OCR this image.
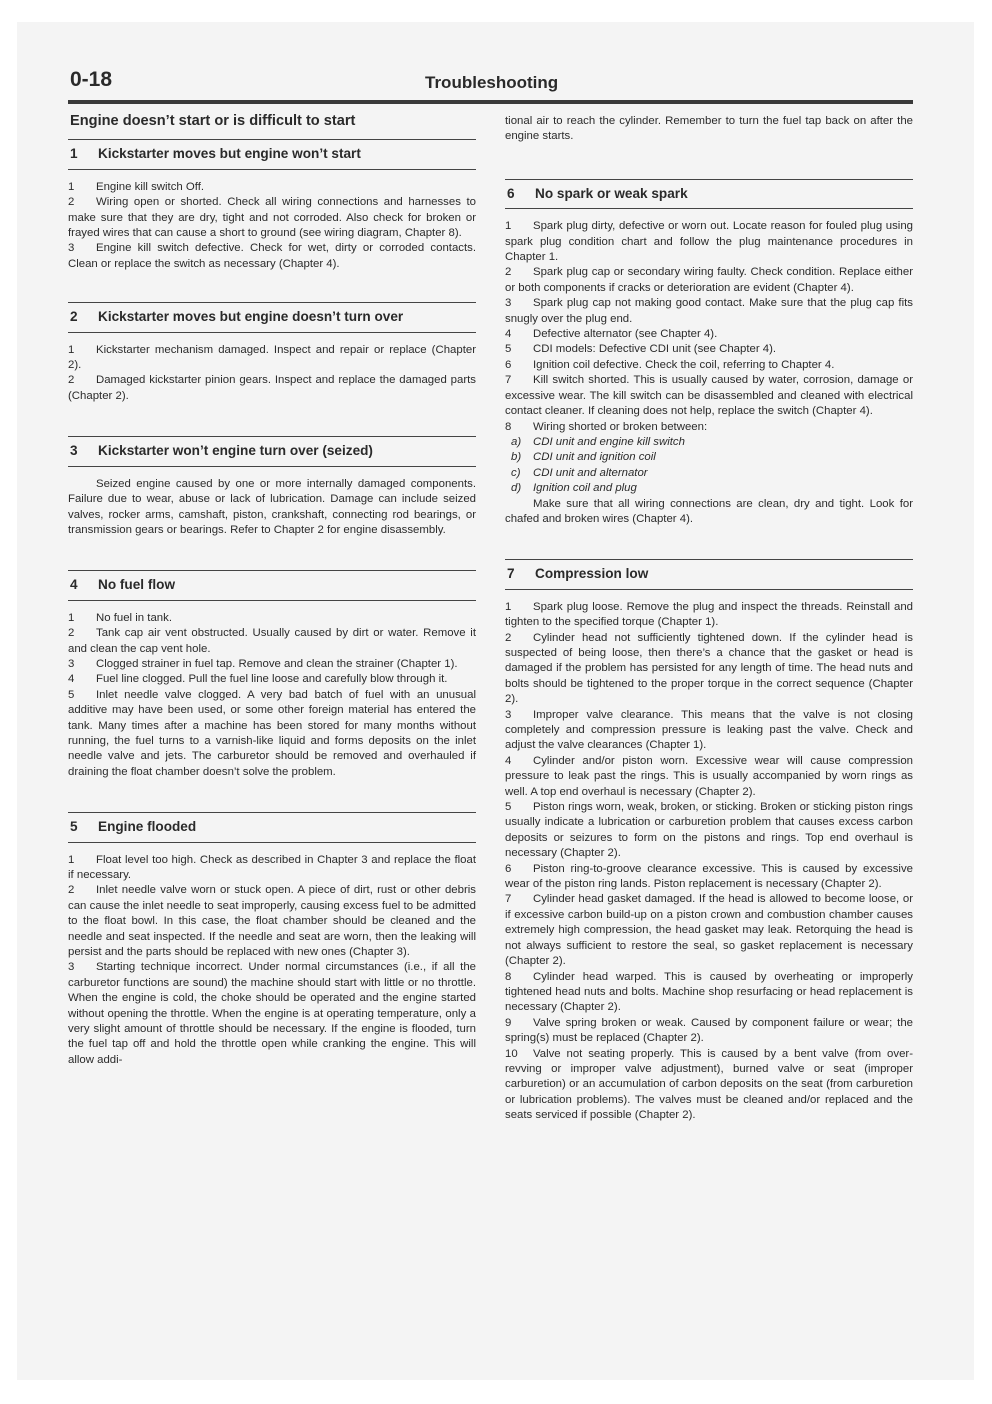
0-18	Troubleshooting
Engine doesn’t start or is difficult to start
1 Kickstarter moves but engine won’t start

1 Engine kill switch Off.

2 Wiring open or shorted. Check all wiring connections and harnesses to make sure that they are dry, tight and not corroded. Also check for broken or frayed wires that can cause a short to ground (see wiring diagram, Chapter 8).

3 Engine kill switch defective. Check for wet, dirty or corroded contacts. Clean or replace the switch as necessary (Chapter 4).

2 Kickstarter moves but engine doesn’t turn over

1 Kickstarter mechanism damaged. Inspect and repair or replace (Chapter 2).

2 Damaged kickstarter pinion gears. Inspect and replace the damaged parts (Chapter 2).

3 Kickstarter won’t engine turn over (seized)

Seized engine caused by one or more internally damaged components. Failure due to wear, abuse or lack of lubrication. Damage can include seized valves, rocker arms, camshaft, piston, crankshaft, connecting rod bearings, or transmission gears or bearings. Refer to Chapter 2 for engine disassembly.

4 No fuel flow

1 No fuel in tank.

2 Tank cap air vent obstructed. Usually caused by dirt or water. Remove it and clean the cap vent hole.

3 Clogged strainer in fuel tap. Remove and clean the strainer (Chapter 1).

4 Fuel line clogged. Pull the fuel line loose and carefully blow through it.

5 Inlet needle valve clogged. A very bad batch of fuel with an unusual additive may have been used, or some other foreign material has entered the tank. Many times after a machine has been stored for many months without running, the fuel turns to a varnish-like liquid and forms deposits on the inlet needle valve and jets. The carburetor should be removed and overhauled if draining the float chamber doesn’t solve the problem.

5 Engine flooded

1 Float level too high. Check as described in Chapter 3 and replace the float if necessary.

2 Inlet needle valve worn or stuck open. A piece of dirt, rust or other debris can cause the inlet needle to seat improperly, causing excess fuel to be admitted to the float bowl. In this case, the float chamber should be cleaned and the needle and seat inspected. If the needle and seat are worn, then the leaking will persist and the parts should be replaced with new ones (Chapter 3).

3 Starting technique incorrect. Under normal circumstances (i.e., if all the carburetor functions are sound) the machine should start with little or no throttle. When the engine is cold, the choke should be operated and the engine started without opening the throttle. When the engine is at operating temperature, only a very slight amount of throttle should be necessary. If the engine is flooded, turn the fuel tap off and hold the throttle open while cranking the engine. This will allow addi-

tional air to reach the cylinder. Remember to turn the fuel tap back on after the engine starts.

6 No spark or weak spark

1 Spark plug dirty, defective or worn out. Locate reason for fouled plug using spark plug condition chart and follow the plug maintenance procedures in Chapter 1.

2 Spark plug cap or secondary wiring faulty. Check condition. Replace either or both components if cracks or deterioration are evident (Chapter 4).

3 Spark plug cap not making good contact. Make sure that the plug cap fits snugly over the plug end.

4 Defective alternator (see Chapter 4).

5 CDI models: Defective CDI unit (see Chapter 4).

6 Ignition coil defective. Check the coil, referring to Chapter 4.

7 Kill switch shorted. This is usually caused by water, corrosion, damage or excessive wear. The kill switch can be disassembled and cleaned with electrical contact cleaner. If cleaning does not help, replace the switch (Chapter 4).

8 Wiring shorted or broken between:

a) CDI unit and engine kill switch

b) CDI unit and ignition coil

c) CDI unit and alternator

d) Ignition coil and plug

Make sure that all wiring connections are clean, dry and tight. Look for chafed and broken wires (Chapter 4).

7 Compression low

1 Spark plug loose. Remove the plug and inspect the threads. Reinstall and tighten to the specified torque (Chapter 1).

2 Cylinder head not sufficiently tightened down. If the cylinder head is suspected of being loose, then there’s a chance that the gasket or head is damaged if the problem has persisted for any length of time. The head nuts and bolts should be tightened to the proper torque in the correct sequence (Chapter 2).

3 Improper valve clearance. This means that the valve is not closing completely and compression pressure is leaking past the valve. Check and adjust the valve clearances (Chapter 1).

4 Cylinder and/or piston worn. Excessive wear will cause compression pressure to leak past the rings. This is usually accompanied by worn rings as well. A top end overhaul is necessary (Chapter 2).

5 Piston rings worn, weak, broken, or sticking. Broken or sticking piston rings usually indicate a lubrication or carburetion problem that causes excess carbon deposits or seizures to form on the pistons and rings. Top end overhaul is necessary (Chapter 2).

6 Piston ring-to-groove clearance excessive. This is caused by excessive wear of the piston ring lands. Piston replacement is necessary (Chapter 2).

7 Cylinder head gasket damaged. If the head is allowed to become loose, or if excessive carbon build-up on a piston crown and combustion chamber causes extremely high compression, the head gasket may leak. Retorquing the head is not always sufficient to restore the seal, so gasket replacement is necessary (Chapter 2).

8 Cylinder head warped. This is caused by overheating or improperly tightened head nuts and bolts. Machine shop resurfacing or head replacement is necessary (Chapter 2).

9 Valve spring broken or weak. Caused by component failure or wear; the spring(s) must be replaced (Chapter 2).

10 Valve not seating properly. This is caused by a bent valve (from over-revving or improper valve adjustment), burned valve or seat (improper carburetion) or an accumulation of carbon deposits on the seat (from carburetion or lubrication problems). The valves must be cleaned and/or replaced and the seats serviced if possible (Chapter 2).
